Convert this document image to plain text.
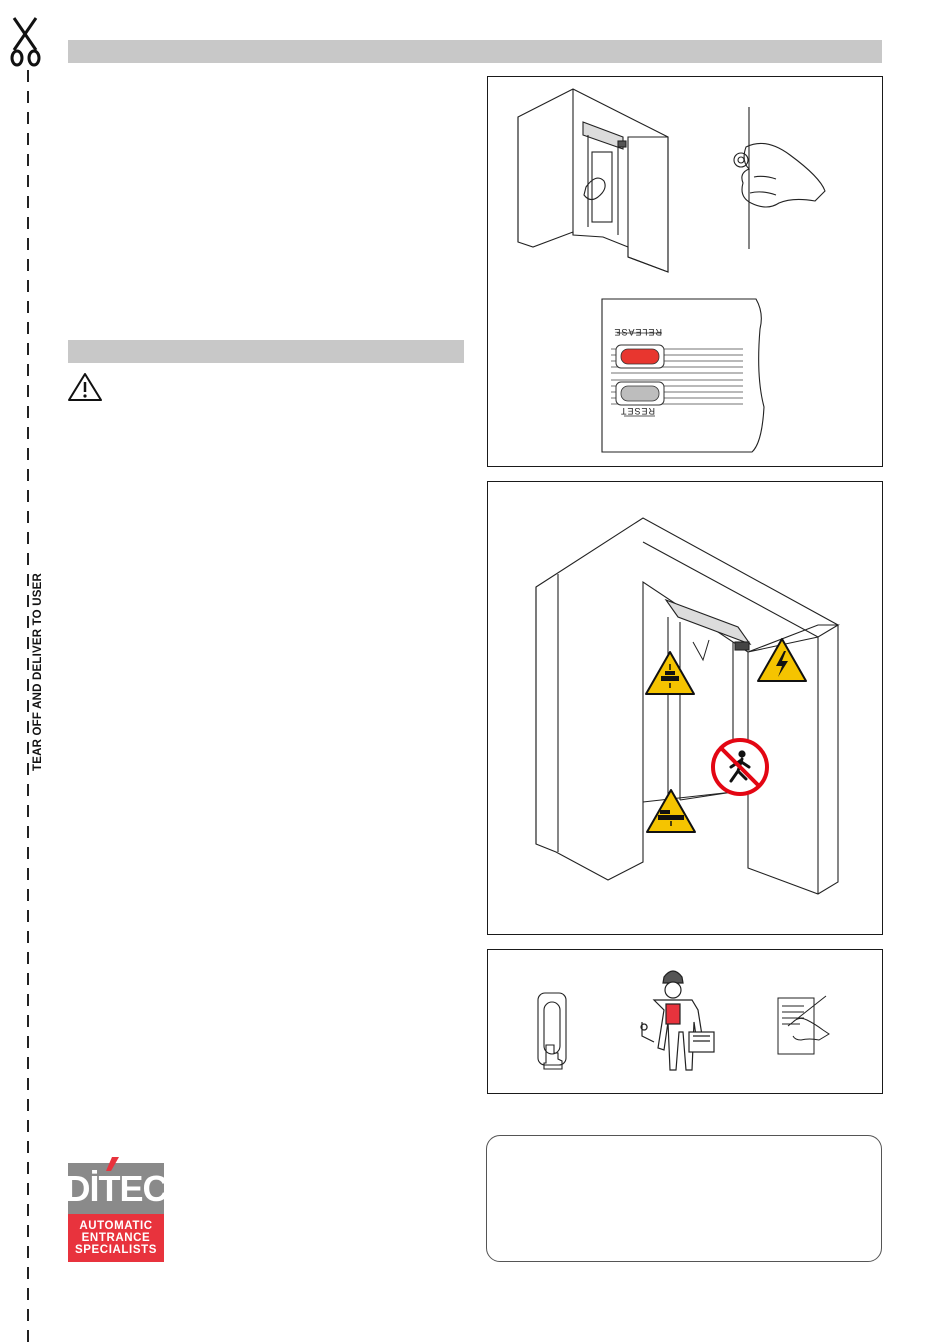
TEAR OFF AND DELIVER TO USER
RELEASE
RESET
DİTEC
AUTOMATIC
ENTRANCE
SPECIALISTS
